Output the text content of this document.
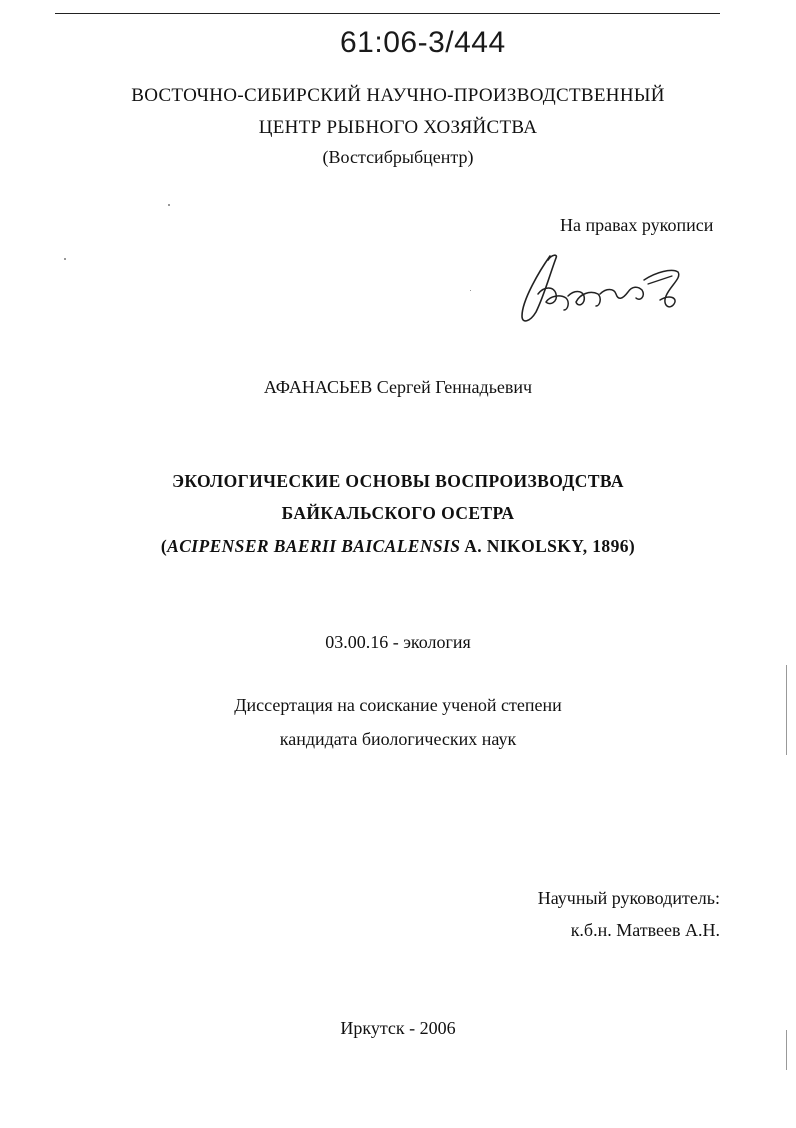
61:06-3/444
ВОСТОЧНО-СИБИРСКИЙ НАУЧНО-ПРОИЗВОДСТВЕННЫЙ
ЦЕНТР РЫБНОГО ХОЗЯЙСТВА
(Востсибрыбцентр)
На правах рукописи
АФАНАСЬЕВ Сергей Геннадьевич
ЭКОЛОГИЧЕСКИЕ ОСНОВЫ ВОСПРОИЗВОДСТВА
БАЙКАЛЬСКОГО ОСЕТРА
(ACIPENSER BAERII BAICALENSIS A. NIKOLSKY, 1896)
03.00.16 - экология
Диссертация на соискание ученой степени
кандидата биологических наук
Научный руководитель:
к.б.н. Матвеев А.Н.
Иркутск - 2006
